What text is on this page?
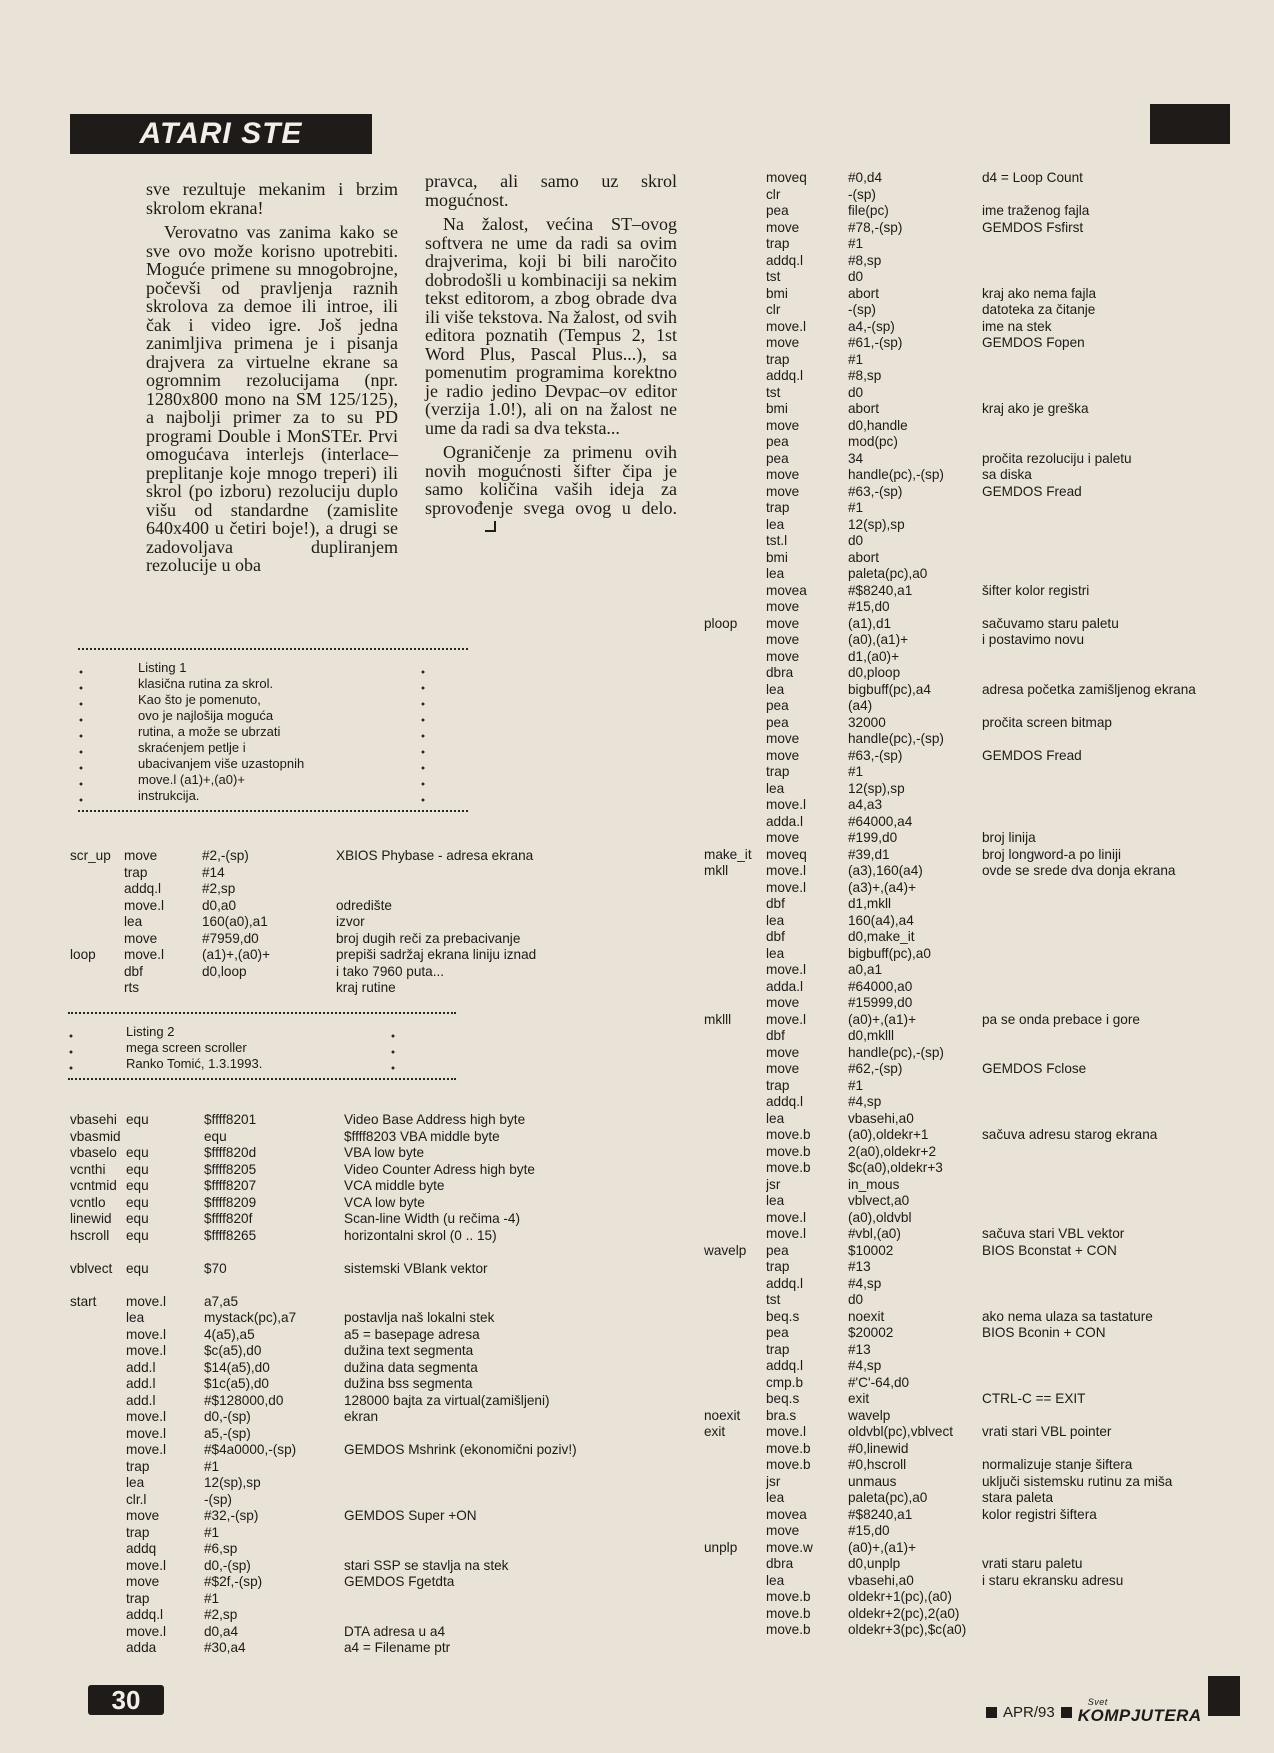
ATARI STE

sve rezultuje mekanim i brzim skrolom ekrana!

Verovatno vas zanima kako se sve ovo može korisno upotrebiti. Moguće primene su mnogobrojne, počevši od pravljenja raznih skrolova za demoe ili introe, ili čak i video igre. Još jedna zanimljiva primena je i pisanja drajvera za virtuelne ekrane sa ogromnim rezolucijama (npr. 1280x800 mono na SM 125/125), a najbolji primer za to su PD programi Double i MonSTEr. Prvi omogućava interlejs (interlace–preplitanje koje mnogo treperi) ili skrol (po izboru) rezoluciju duplo višu od standardne (zamislite 640x400 u četiri boje!), a drugi se zadovoljava dupliranjem rezolucije u oba

pravca, ali samo uz skrol mogućnost.

Na žalost, većina ST–ovog softvera ne ume da radi sa ovim drajverima, koji bi bili naročito dobrodošli u kombinaciji sa nekim tekst editorom, a zbog obrade dva ili više tekstova. Na žalost, od svih editora poznatih (Tempus 2, 1st Word Plus, Pascal Plus...), sa pomenutim programima korektno je radio jedino Devpac–ov editor (verzija 1.0!), ali on na žalost ne ume da radi sa dva teksta...

Ograničenje za primenu ovih novih mogućnosti šifter čipa je samo količina vaših ideja za sprovođenje svega ovog u delo.

Listing 1
klasična rutina za skrol.
Kao što je pomenuto,
ovo je najlošija moguća
rutina, a može se ubrzati
skraćenjem petlje i
ubacivanjem više uzastopnih
move.l (a1)+,(a0)+
instrukcija.
scr_up move	#2,-(sp)	XBIOS Phybase - adresa ekrana
trap	#14
addq.l	#2,sp
move.l	d0,a0	odredište
lea	160(a0),a1	izvor
move	#7959,d0	broj dugih reči za prebacivanje
loop	move.l	(a1)+,(a0)+	prepiši sadržaj ekrana liniju iznad
dbf	d0,loop	i tako 7960 puta...
rts	kraj rutine
Listing 2
mega screen scroller
Ranko Tomić, 1.3.1993.
vbasehi equ	$ffff8201	Video Base Address high byte
vbasmid	equ	$ffff8203 VBA middle byte
vbaselo equ	$ffff820d	VBA low byte
vcnthi	equ	$ffff8205	Video Counter Adress high byte
vcntmid equ	$ffff8207	VCA middle byte
vcntlo	equ	$ffff8209	VCA low byte
linewid	equ	$ffff820f	Scan-line Width (u rečima -4)
hscroll	equ	$ffff8265	horizontalni skrol (0 .. 15)
vblvect	equ	$70	sistemski VBlank vektor
start	move.l	a7,a5
lea	mystack(pc),a7	postavlja naš lokalni stek
move.l	4(a5),a5	a5 = basepage adresa
move.l	$c(a5),d0	dužina text segmenta
add.l	$14(a5),d0	dužina data segmenta
add.l	$1c(a5),d0	dužina bss segmenta
add.l	#$128000,d0	128000 bajta za virtual(zamišljeni)
move.l	d0,-(sp)	ekran
move.l	a5,-(sp)
move.l	#$4a0000,-(sp)	GEMDOS Mshrink (ekonomični poziv!)
trap	#1
lea	12(sp),sp
clr.l	-(sp)
move	#32,-(sp)	GEMDOS Super +ON
trap	#1
addq	#6,sp
move.l	d0,-(sp)	stari SSP se stavlja na stek
move	#$2f,-(sp)	GEMDOS Fgetdta
trap	#1
addq.l	#2,sp
move.l	d0,a4	DTA adresa u a4
adda	#30,a4	a4 = Filename ptr
moveq	#0,d4	d4 = Loop Count
clr	-(sp)
pea	file(pc)	ime traženog fajla
move	#78,-(sp)	GEMDOS Fsfirst
trap	#1
addq.l	#8,sp
tst	d0
bmi	abort	kraj ako nema fajla
clr	-(sp)	datoteka za čitanje
move.l	a4,-(sp)	ime na stek
move	#61,-(sp)	GEMDOS Fopen
trap	#1
addq.l	#8,sp
tst	d0
bmi	abort	kraj ako je greška
move	d0,handle
pea	mod(pc)
pea	34	pročita rezoluciju i paletu
move	handle(pc),-(sp)	sa diska
move	#63,-(sp)	GEMDOS Fread
trap	#1
lea	12(sp),sp
tst.l	d0
bmi	abort
lea	paleta(pc),a0
movea	#$8240,a1	šifter kolor registri
move	#15,d0
ploop	move	(a1),d1	sačuvamo staru paletu
move	(a0),(a1)+	i postavimo novu
move	d1,(a0)+
dbra	d0,ploop
lea	bigbuff(pc),a4	adresa početka zamišljenog ekrana
pea	(a4)
pea	32000	pročita screen bitmap
move	handle(pc),-(sp)
move	#63,-(sp)	GEMDOS Fread
trap	#1
lea	12(sp),sp
move.l	a4,a3
adda.l	#64000,a4
move	#199,d0	broj linija
make_it	moveq	#39,d1	broj longword-a po liniji
mkll	move.l	(a3),160(a4)	ovde se srede dva donja ekrana
move.l	(a3)+,(a4)+
dbf	d1,mkll
lea	160(a4),a4
dbf	d0,make_it
lea	bigbuff(pc),a0
move.l	a0,a1
adda.l	#64000,a0
move	#15999,d0
mklll	move.l	(a0)+,(a1)+	pa se onda prebace i gore
dbf	d0,mklll
move	handle(pc),-(sp)
move	#62,-(sp)	GEMDOS Fclose
trap	#1
addq.l	#4,sp
lea	vbasehi,a0
move.b	(a0),oldekr+1	sačuva adresu starog ekrana
move.b	2(a0),oldekr+2
move.b	$c(a0),oldekr+3
jsr	in_mous
lea	vblvect,a0
move.l	(a0),oldvbl
move.l	#vbl,(a0)	sačuva stari VBL vektor
wavelp	pea	$10002	BIOS Bconstat + CON
trap	#13
addq.l	#4,sp
tst	d0
beq.s	noexit	ako nema ulaza sa tastature
pea	$20002	BIOS Bconin + CON
trap	#13
addq.l	#4,sp
cmp.b	#'C'-64,d0
beq.s	exit	CTRL-C == EXIT
noexit	bra.s	wavelp
exit	move.l	oldvbl(pc),vblvect	vrati stari VBL pointer
move.b	#0,linewid
move.b	#0,hscroll	normalizuje stanje šiftera
jsr	unmaus	uključi sistemsku rutinu za miša
lea	paleta(pc),a0	stara paleta
movea	#$8240,a1	kolor registri šiftera
move	#15,d0
unplp	move.w	(a0)+,(a1)+
dbra	d0,unplp	vrati staru paletu
lea	vbasehi,a0	i staru ekransku adresu
move.b	oldekr+1(pc),(a0)
move.b	oldekr+2(pc),2(a0)
move.b	oldekr+3(pc),$c(a0)
30	APR/93
Svet
KOMPJUTERA
